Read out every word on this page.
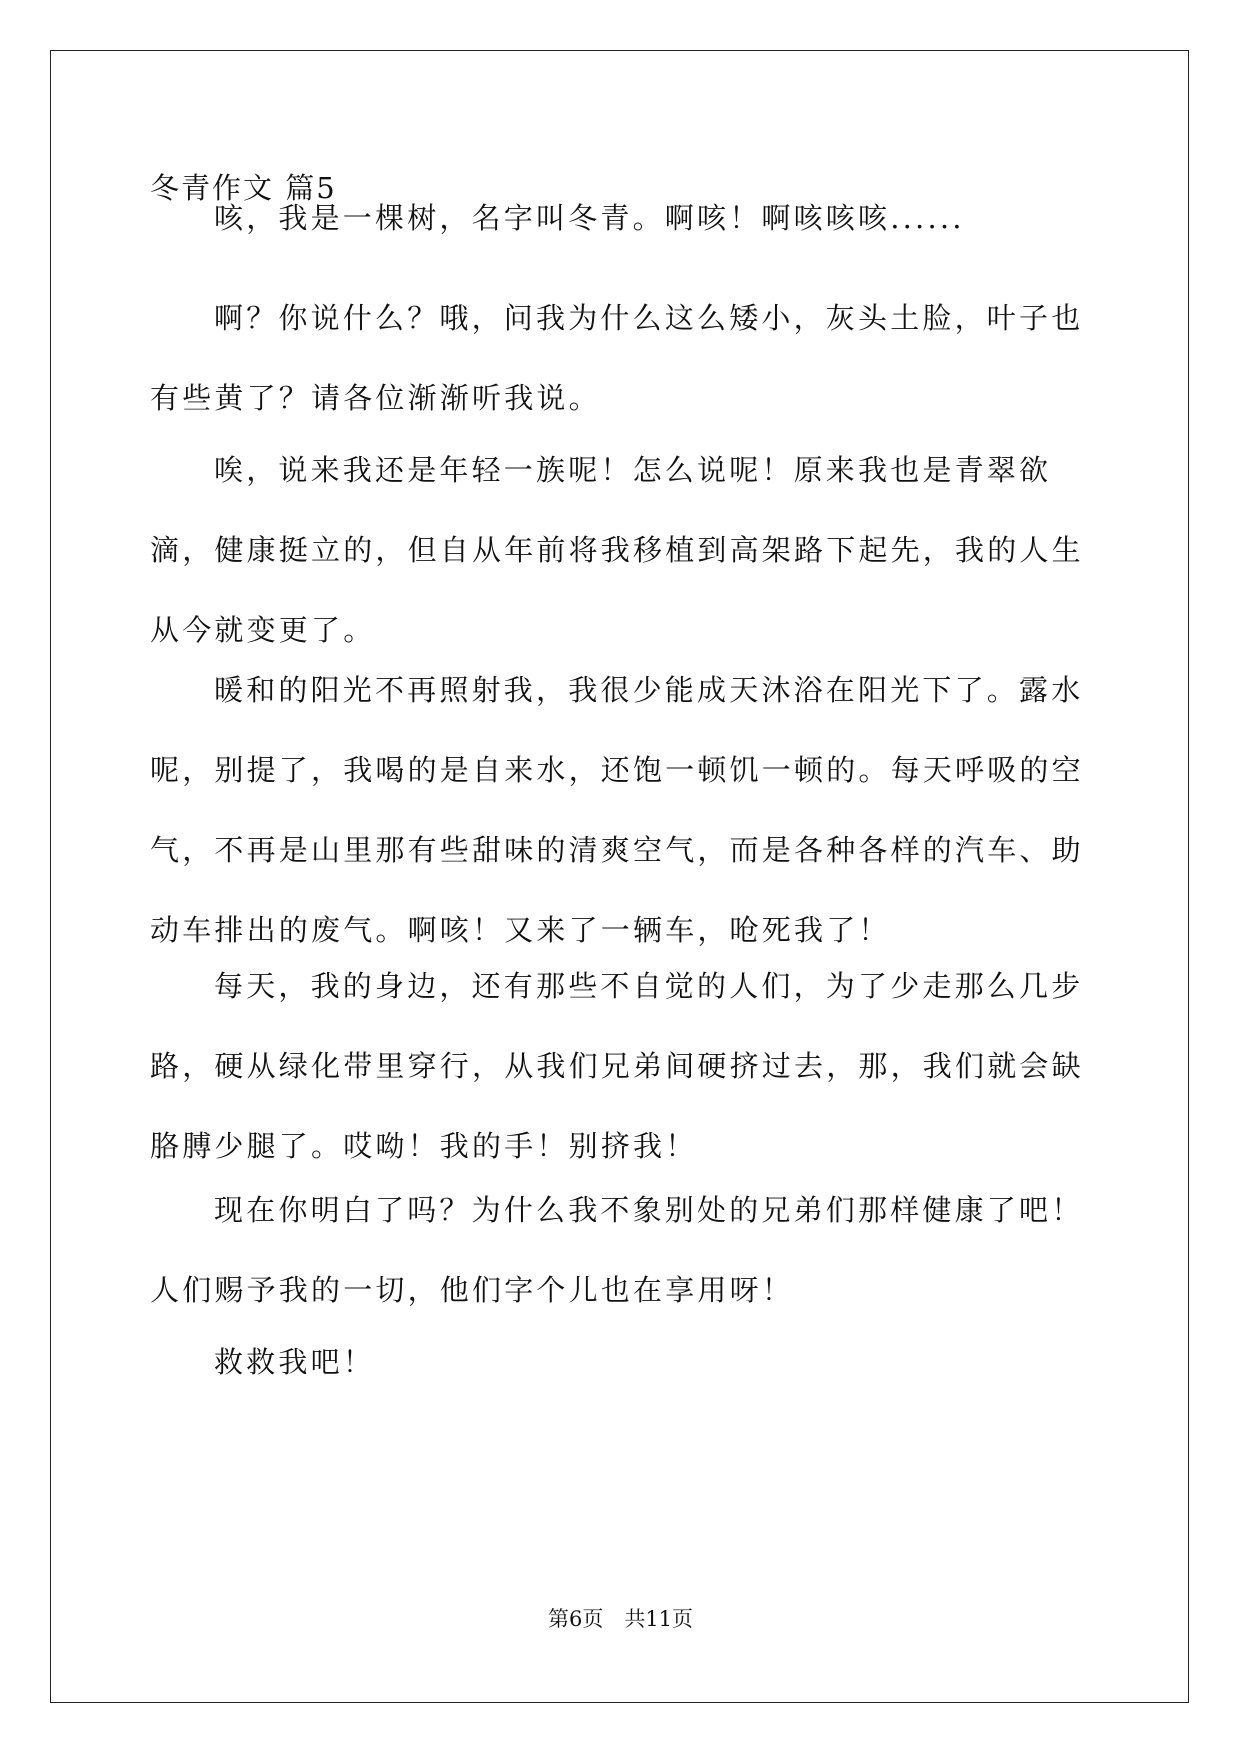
冬青作文 篇5

咳，我是一棵树，名字叫冬青。啊咳！啊咳咳咳......

啊？你说什么？哦，问我为什么这么矮小，灰头土脸，叶子也有些黄了？请各位渐渐听我说。

唉，说来我还是年轻一族呢！怎么说呢！原来我也是青翠欲滴，健康挺立的，但自从年前将我移植到高架路下起先，我的人生从今就变更了。

暖和的阳光不再照射我，我很少能成天沐浴在阳光下了。露水呢，别提了，我喝的是自来水，还饱一顿饥一顿的。每天呼吸的空气，不再是山里那有些甜味的清爽空气，而是各种各样的汽车、助动车排出的废气。啊咳！又来了一辆车，呛死我了！

每天，我的身边，还有那些不自觉的人们，为了少走那么几步路，硬从绿化带里穿行，从我们兄弟间硬挤过去，那，我们就会缺胳膊少腿了。哎呦！我的手！别挤我！

现在你明白了吗？为什么我不象别处的兄弟们那样健康了吧！人们赐予我的一切，他们字个儿也在享用呀！

救救我吧！

第6页　共11页
